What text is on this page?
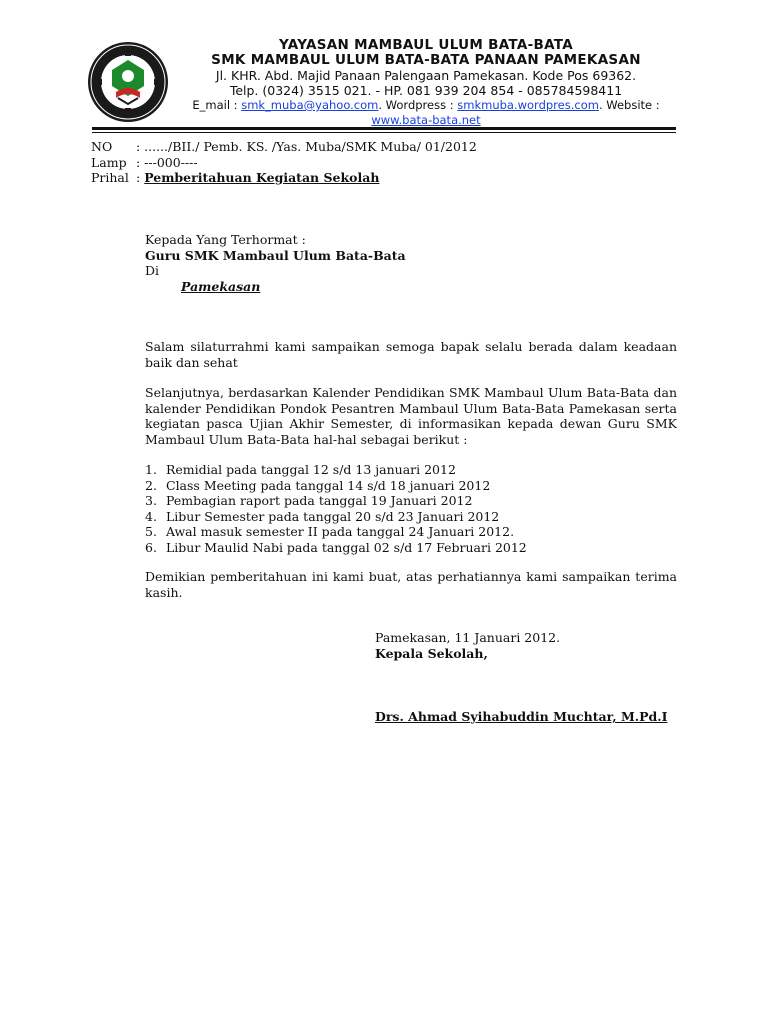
YAYASAN MAMBAUL ULUM BATA-BATA
SMK MAMBAUL ULUM BATA-BATA PANAAN PAMEKASAN
Jl. KHR. Abd. Majid Panaan Palengaan Pamekasan. Kode Pos 69362.
Telp. (0324) 3515 021. - HP. 081 939 204 854 - 085784598411
E_mail : smk_muba@yahoo.com. Wordpress : smkmuba.wordpres.com. Website :
www.bata-bata.net
NO : ....../BII./ Pemb. KS. /Yas. Muba/SMK Muba/ 01/2012
Lamp : ---000----
Prihal : Pemberitahuan Kegiatan Sekolah
Kepada Yang Terhormat :
Guru SMK Mambaul Ulum Bata-Bata
Di
Pamekasan
Salam silaturrahmi kami sampaikan semoga bapak selalu berada dalam keadaan baik dan sehat
Selanjutnya, berdasarkan Kalender Pendidikan SMK Mambaul Ulum Bata-Bata dan kalender Pendidikan Pondok Pesantren Mambaul Ulum Bata-Bata Pamekasan serta kegiatan pasca Ujian Akhir Semester, di informasikan kepada dewan Guru SMK Mambaul Ulum Bata-Bata hal-hal sebagai berikut :
1. Remidial pada tanggal 12 s/d 13 januari 2012
2. Class Meeting pada tanggal 14 s/d 18 januari 2012
3. Pembagian raport pada tanggal 19 Januari 2012
4. Libur Semester pada tanggal 20 s/d 23 Januari 2012
5. Awal masuk semester II pada tanggal 24 Januari 2012.
6. Libur Maulid Nabi pada tanggal 02 s/d 17 Februari 2012
Demikian pemberitahuan ini kami buat, atas perhatiannya kami sampaikan terima kasih.
Pamekasan, 11 Januari 2012.
Kepala Sekolah,
Drs. Ahmad Syihabuddin Muchtar, M.Pd.I
